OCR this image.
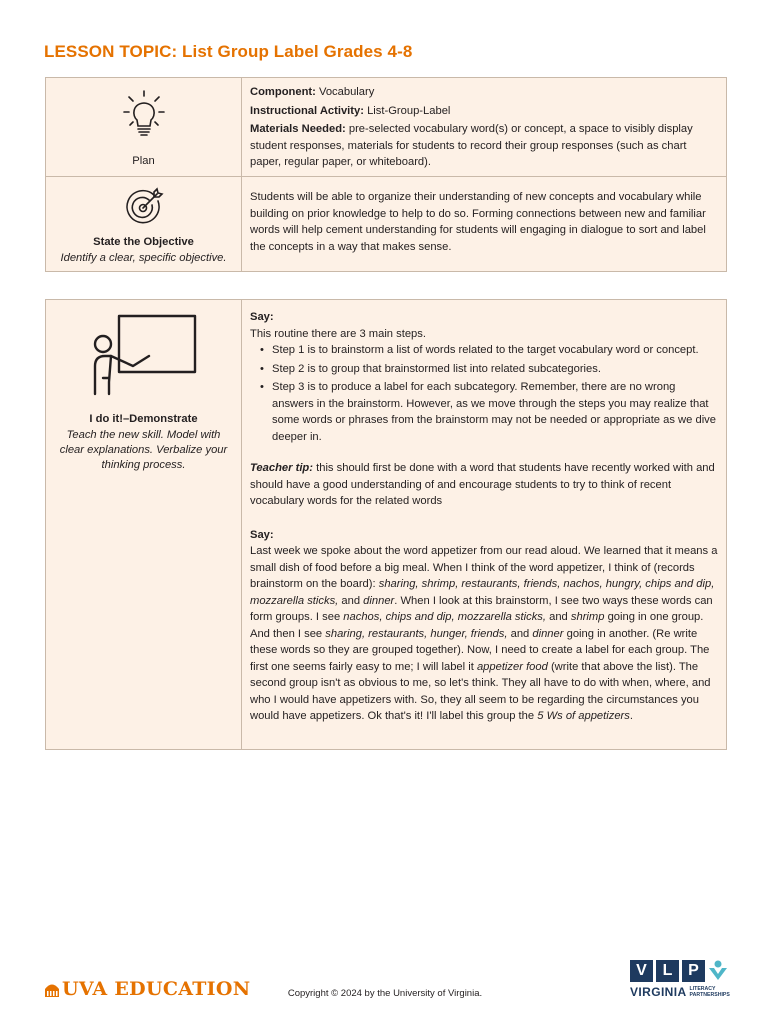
LESSON TOPIC: List Group Label Grades 4-8
Plan

Component: Vocabulary

Instructional Activity: List-Group-Label

Materials Needed: pre-selected vocabulary word(s) or concept, a space to visibly display student responses, materials for students to record their group responses (such as chart paper, regular paper, or whiteboard).

State the Objective
Identify a clear, specific objective.
Students will be able to organize their understanding of new concepts and vocabulary while building on prior knowledge to help to do so. Forming connections between new and familiar words will help cement understanding for students will engaging in dialogue to sort and label the concepts in a way that makes sense.
I do it!–Demonstrate
Teach the new skill. Model with clear explanations. Verbalize your thinking process.

Say:

This routine there are 3 main steps.

• Step 1 is to brainstorm a list of words related to the target vocabulary word or concept.
• Step 2 is to group that brainstormed list into related subcategories.
• Step 3 is to produce a label for each subcategory. Remember, there are no wrong answers in the brainstorm. However, as we move through the steps you may realize that some words or phrases from the brainstorm may not be needed or appropriate as we dive deeper in.

Teacher tip: this should first be done with a word that students have recently worked with and should have a good understanding of and encourage students to try to think of recent vocabulary words for the related words

Say:

Last week we spoke about the word appetizer from our read aloud. We learned that it means a small dish of food before a big meal. When I think of the word appetizer, I think of (records brainstorm on the board): sharing, shrimp, restaurants, friends, nachos, hungry, chips and dip, mozzarella sticks, and dinner. When I look at this brainstorm, I see two ways these words can form groups. I see nachos, chips and dip, mozzarella sticks, and shrimp going in one group. And then I see sharing, restaurants, hunger, friends, and dinner going in another. (Re write these words so they are grouped together). Now, I need to create a label for each group. The first one seems fairly easy to me; I will label it appetizer food (write that above the list). The second group isn't as obvious to me, so let's think. They all have to do with when, where, and who I would have appetizers with. So, they all seem to be regarding the circumstances you would have appetizers. Ok that's it! I'll label this group the 5 Ws of appetizers.

UVA EDUCATION	Copyright © 2024 by the University of Virginia.
V L P
VIRGINIA LITERACY
PARTNERSHIPS
